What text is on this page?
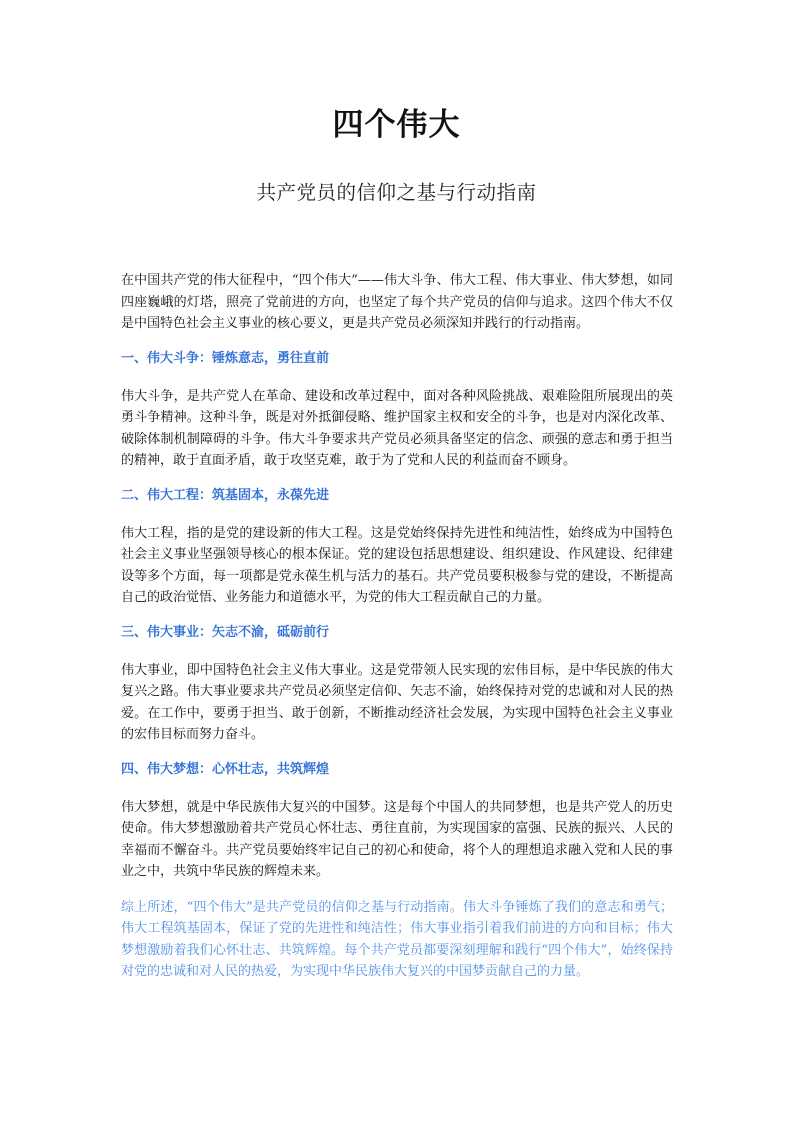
四个伟大
共产党员的信仰之基与行动指南

在中国共产党的伟大征程中，“四个伟大”——伟大斗争、伟大工程、伟大事业、伟大梦想，如同四座巍峨的灯塔，照亮了党前进的方向，也坚定了每个共产党员的信仰与追求。这四个伟大不仅是中国特色社会主义事业的核心要义，更是共产党员必须深知并践行的行动指南。

一、伟大斗争：锤炼意志，勇往直前

伟大斗争，是共产党人在革命、建设和改革过程中，面对各种风险挑战、艰难险阻所展现出的英勇斗争精神。这种斗争，既是对外抵御侵略、维护国家主权和安全的斗争，也是对内深化改革、破除体制机制障碍的斗争。伟大斗争要求共产党员必须具备坚定的信念、顽强的意志和勇于担当的精神，敢于直面矛盾，敢于攻坚克难，敢于为了党和人民的利益而奋不顾身。

二、伟大工程：筑基固本，永葆先进

伟大工程，指的是党的建设新的伟大工程。这是党始终保持先进性和纯洁性，始终成为中国特色社会主义事业坚强领导核心的根本保证。党的建设包括思想建设、组织建设、作风建设、纪律建设等多个方面，每一项都是党永葆生机与活力的基石。共产党员要积极参与党的建设，不断提高自己的政治觉悟、业务能力和道德水平，为党的伟大工程贡献自己的力量。

三、伟大事业：矢志不渝，砥砺前行

伟大事业，即中国特色社会主义伟大事业。这是党带领人民实现的宏伟目标，是中华民族的伟大复兴之路。伟大事业要求共产党员必须坚定信仰、矢志不渝，始终保持对党的忠诚和对人民的热爱。在工作中，要勇于担当、敢于创新，不断推动经济社会发展，为实现中国特色社会主义事业的宏伟目标而努力奋斗。

四、伟大梦想：心怀壮志，共筑辉煌

伟大梦想，就是中华民族伟大复兴的中国梦。这是每个中国人的共同梦想，也是共产党人的历史使命。伟大梦想激励着共产党员心怀壮志、勇往直前，为实现国家的富强、民族的振兴、人民的幸福而不懈奋斗。共产党员要始终牢记自己的初心和使命，将个人的理想追求融入党和人民的事业之中，共筑中华民族的辉煌未来。

综上所述，“四个伟大”是共产党员的信仰之基与行动指南。伟大斗争锤炼了我们的意志和勇气；伟大工程筑基固本，保证了党的先进性和纯洁性；伟大事业指引着我们前进的方向和目标；伟大梦想激励着我们心怀壮志、共筑辉煌。每个共产党员都要深刻理解和践行“四个伟大”，始终保持对党的忠诚和对人民的热爱，为实现中华民族伟大复兴的中国梦贡献自己的力量。
